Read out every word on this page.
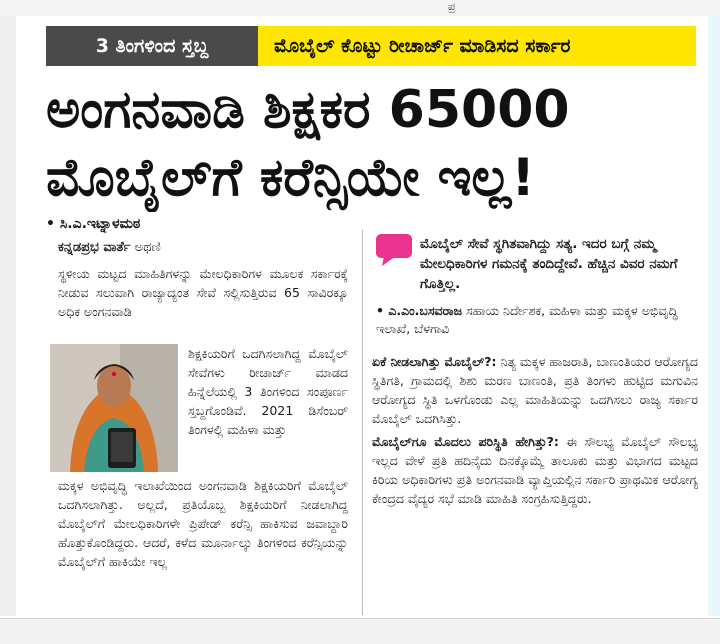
ಪ್ರ
3 ತಿಂಗಳಿಂದ ಸ್ತಬ್ದ	ಮೊಬೈಲ್ ಕೊಟ್ಟು ರೀಚಾರ್ಜ್ ಮಾಡಿಸದ ಸರ್ಕಾರ
ಅಂಗನವಾಡಿ ಶಿಕ್ಷಕರ 65000
ಮೊಬೈಲ್‌ಗೆ ಕರೆನ್ಸಿಯೇ ಇಲ್ಲ!
• ಸಿ.ಎ.ಇಟ್ನಾಳಮಠ
ಕನ್ನಡಪ್ರಭ ವಾರ್ತೆ ಅಥಣಿ
ಸ್ಥಳೀಯ ಮಟ್ಟದ ಮಾಹಿತಿಗಳನ್ನು ಮೇಲಧಿಕಾರಿಗಳ ಮೂಲಕ ಸರ್ಕಾರಕ್ಕೆ ನೀಡುವ ಸಲುವಾಗಿ ರಾಜ್ಯಾದ್ಯಂತ ಸೇವೆ ಸಲ್ಲಿಸುತ್ತಿರುವ 65 ಸಾವಿರಕ್ಕೂ ಅಧಿಕ ಅಂಗನವಾಡಿ
ಶಿಕ್ಷಕಿಯರಿಗೆ ಒದಗಿಸಲಾಗಿದ್ದ ಮೊಬೈಲ್ ಸೇವೆಗಳು ರೀಚಾರ್ಜ್ ಮಾಡದ ಹಿನ್ನೆಲೆಯಲ್ಲಿ 3 ತಿಂಗಳಿಂದ ಸಂಪೂರ್ಣ ಸ್ತಬ್ದಗೊಂಡಿವೆ. 2021 ಡಿಸೆಂಬರ್ ತಿಂಗಳಲ್ಲಿ ಮಹಿಳಾ ಮತ್ತು
ಮಕ್ಕಳ ಅಭಿವೃದ್ಧಿ ಇಲಾಖೆಯಿಂದ ಅಂಗನವಾಡಿ ಶಿಕ್ಷಕಿಯರಿಗೆ ಮೊಬೈಲ್ ಒದಗಿಸಲಾಗಿತ್ತು. ಅಲ್ಲದೆ, ಪ್ರತಿಯೊಬ್ಬ ಶಿಕ್ಷಕಿಯರಿಗೆ ನೀಡಲಾಗಿದ್ದ ಮೊಬೈಲ್‌ಗೆ ಮೇಲಧಿಕಾರಿಗಳೇ ಪ್ರಿಪೇಡ್ ಕರೆನ್ಸಿ ಹಾಕಿಸುವ ಜವಾಬ್ದಾರಿ ಹೊತ್ತುಕೊಂಡಿದ್ದರು. ಆದರೆ, ಕಳೆದ ಮೂರ್ನಾಲ್ಕು ತಿಂಗಳಿಂದ ಕರೆನ್ಸಿಯನ್ನು ಮೊಬೈಲ್‌ಗೆ ಹಾಕಿಯೇ ಇಲ್ಲ
ಮೊಬೈಲ್ ಸೇವೆ ಸ್ಥಗಿತವಾಗಿದ್ದು ಸತ್ಯ. ಇದರ ಬಗ್ಗೆ ನಮ್ಮ ಮೇಲಧಿಕಾರಿಗಳ ಗಮನಕ್ಕೆ ತಂದಿದ್ದೇವೆ. ಹೆಚ್ಚಿನ ವಿವರ ನಮಗೆ ಗೊತ್ತಿಲ್ಲ.
• ಎ.ಎಂ.ಬಸವರಾಜ ಸಹಾಯ ನಿರ್ದೇಶಕ, ಮಹಿಳಾ ಮತ್ತು ಮಕ್ಕಳ ಅಭಿವೃದ್ಧಿ ಇಲಾಖೆ, ಬೆಳಗಾವಿ

ಏಕೆ ನೀಡಲಾಗಿತ್ತು ಮೊಬೈಲ್?: ನಿತ್ಯ ಮಕ್ಕಳ ಹಾಜರಾತಿ, ಬಾಣಂತಿಯರ ಆರೋಗ್ಯದ ಸ್ಥಿತಿಗತಿ, ಗ್ರಾಮದಲ್ಲಿ ಶಿಶು ಮರಣ ಬಾಣಂತಿ, ಪ್ರತಿ ತಿಂಗಳು ಹುಟ್ಟಿದ ಮಗುವಿನ ಆರೋಗ್ಯದ ಸ್ಥಿತಿ ಒಳಗೊಂಡು ಎಲ್ಲ ಮಾಹಿತಿಯನ್ನು ಒದಗಿಸಲು ರಾಜ್ಯ ಸರ್ಕಾರ ಮೊಬೈಲ್ ಒದಗಿಸಿತ್ತು.

ಮೊಬೈಲ್‌ಗೂ ಮೊದಲು ಪರಿಸ್ಥಿತಿ ಹೇಗಿತ್ತು?: ಈ ಸೌಲಭ್ಯ ಮೊಬೈಲ್ ಸೌಲಭ್ಯ ಇಲ್ಲದ ವೇಳೆ ಪ್ರತಿ ಹದಿನೈದು ದಿನಕ್ಕೊಮ್ಮೆ ತಾಲೂಕು ಮತ್ತು ವಿಭಾಗದ ಮಟ್ಟದ ಕಿರಿಯ ಅಧಿಕಾರಿಗಳು ಪ್ರತಿ ಅಂಗನವಾಡಿ ವ್ಯಾಪ್ತಿಯಲ್ಲಿನ ಸರ್ಕಾರಿ ಪ್ರಾಥಮಿಕ ಆರೋಗ್ಯ ಕೇಂದ್ರದ ವೈದ್ಯರ ಸಭೆ ಮಾಡಿ ಮಾಹಿತಿ ಸಂಗ್ರಹಿಸುತ್ತಿದ್ದರು.
